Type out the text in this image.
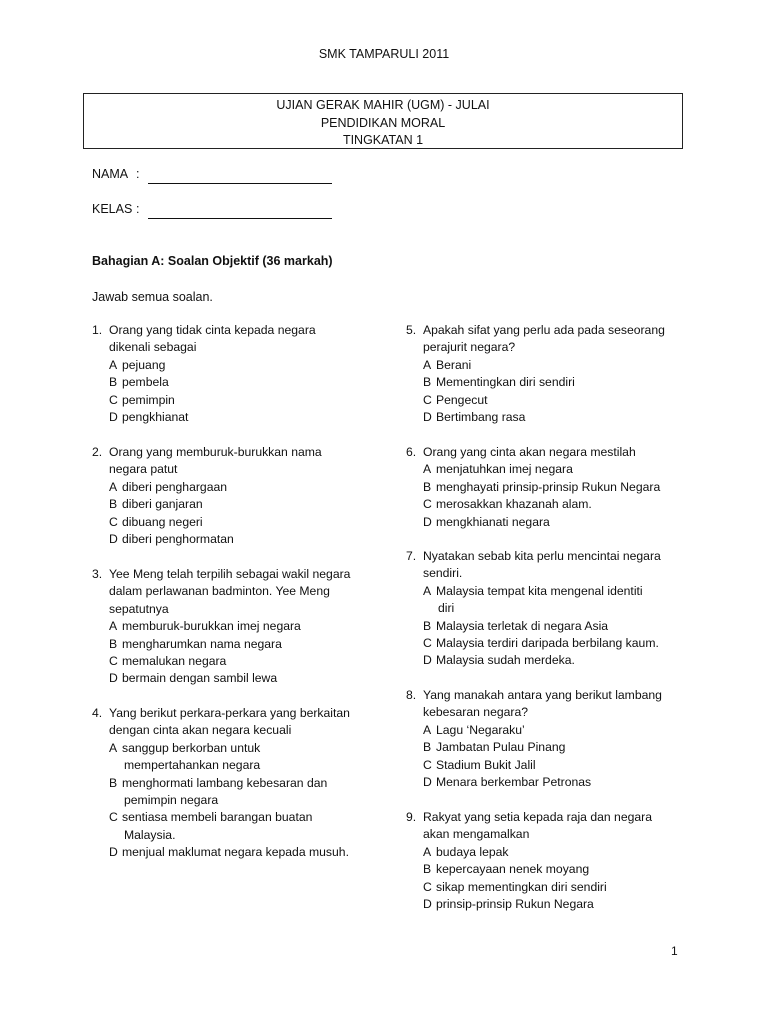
SMK TAMPARULI 2011
UJIAN GERAK MAHIR (UGM) - JULAI
PENDIDIKAN MORAL
TINGKATAN 1
NAMA :
KELAS :
Bahagian A: Soalan Objektif (36 markah)
Jawab semua soalan.
1. Orang yang tidak cinta kepada negara
dikenali sebagai
A pejuang
B pembela
C pemimpin
D pengkhianat
2. Orang yang memburuk-burukkan nama
negara patut
A diberi penghargaan
B diberi ganjaran
C dibuang negeri
D diberi penghormatan
3. Yee Meng telah terpilih sebagai wakil negara
dalam perlawanan badminton. Yee Meng
sepatutnya
A memburuk-burukkan imej negara
B mengharumkan nama negara
C memalukan negara
D bermain dengan sambil lewa
4. Yang berikut perkara-perkara yang berkaitan
dengan cinta akan negara kecuali
A sanggup berkorban untuk
mempertahankan negara
B menghormati lambang kebesaran dan
pemimpin negara
C sentiasa membeli barangan buatan
Malaysia.
D menjual maklumat negara kepada musuh.
5. Apakah sifat yang perlu ada pada seseorang
perajurit negara?
A Berani
B Mementingkan diri sendiri
C Pengecut
D Bertimbang rasa
6. Orang yang cinta akan negara mestilah
A menjatuhkan imej negara
B menghayati prinsip-prinsip Rukun Negara
C merosakkan khazanah alam.
D mengkhianati negara
7. Nyatakan sebab kita perlu mencintai negara
sendiri.
A Malaysia tempat kita mengenal identiti
diri
B Malaysia terletak di negara Asia
C Malaysia terdiri daripada berbilang kaum.
D Malaysia sudah merdeka.
8. Yang manakah antara yang berikut lambang
kebesaran negara?
A Lagu ‘Negaraku’
B Jambatan Pulau Pinang
C Stadium Bukit Jalil
D Menara berkembar Petronas
9. Rakyat yang setia kepada raja dan negara
akan mengamalkan
A budaya lepak
B kepercayaan nenek moyang
C sikap mementingkan diri sendiri
D prinsip-prinsip Rukun Negara
1
